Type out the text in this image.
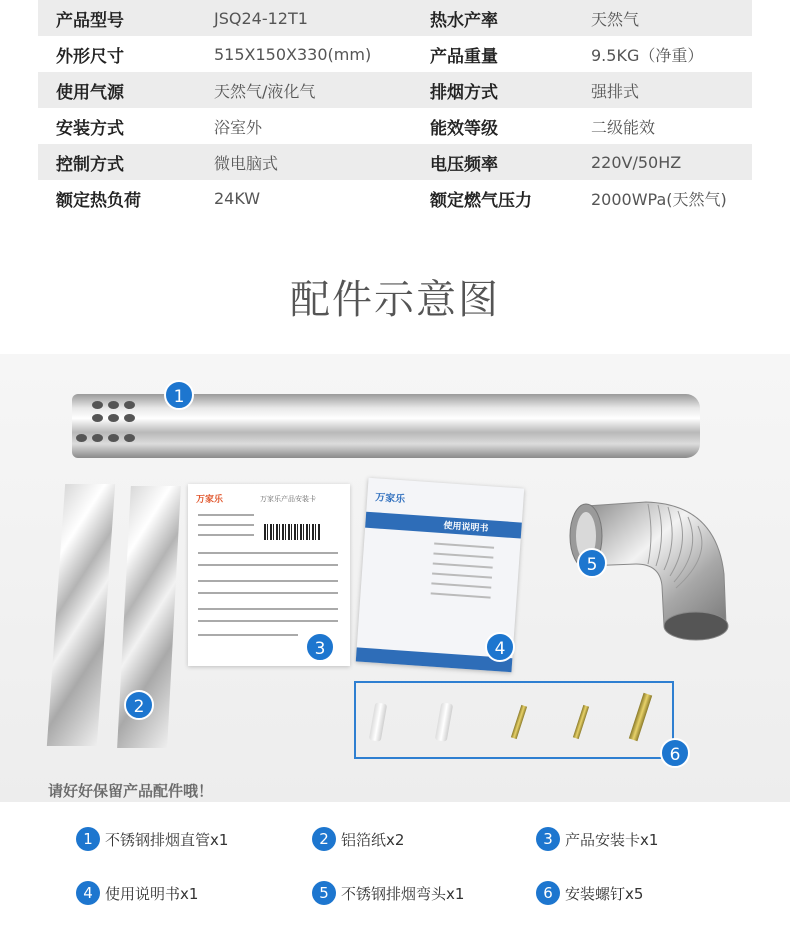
产品型号	JSQ24-12T1	热水产率	天然气
外形尺寸	515X150X330(mm)	产品重量	9.5KG（净重）
使用气源	天然气/液化气	排烟方式	强排式
安装方式	浴室外	能效等级	二级能效
控制方式	微电脑式	电压频率	220V/50HZ
额定热负荷	24KW	额定燃气压力	2000WPa(天然气)
配件示意图
1
2
万家乐	万家乐产品安装卡
3
万家乐
使用说明书
4
5
6
请好好保留产品配件哦！
1 不锈钢排烟直管x1	2 铝箔纸x2	3 产品安装卡x1
4 使用说明书x1	5 不锈钢排烟弯头x1	6 安装螺钉x5
